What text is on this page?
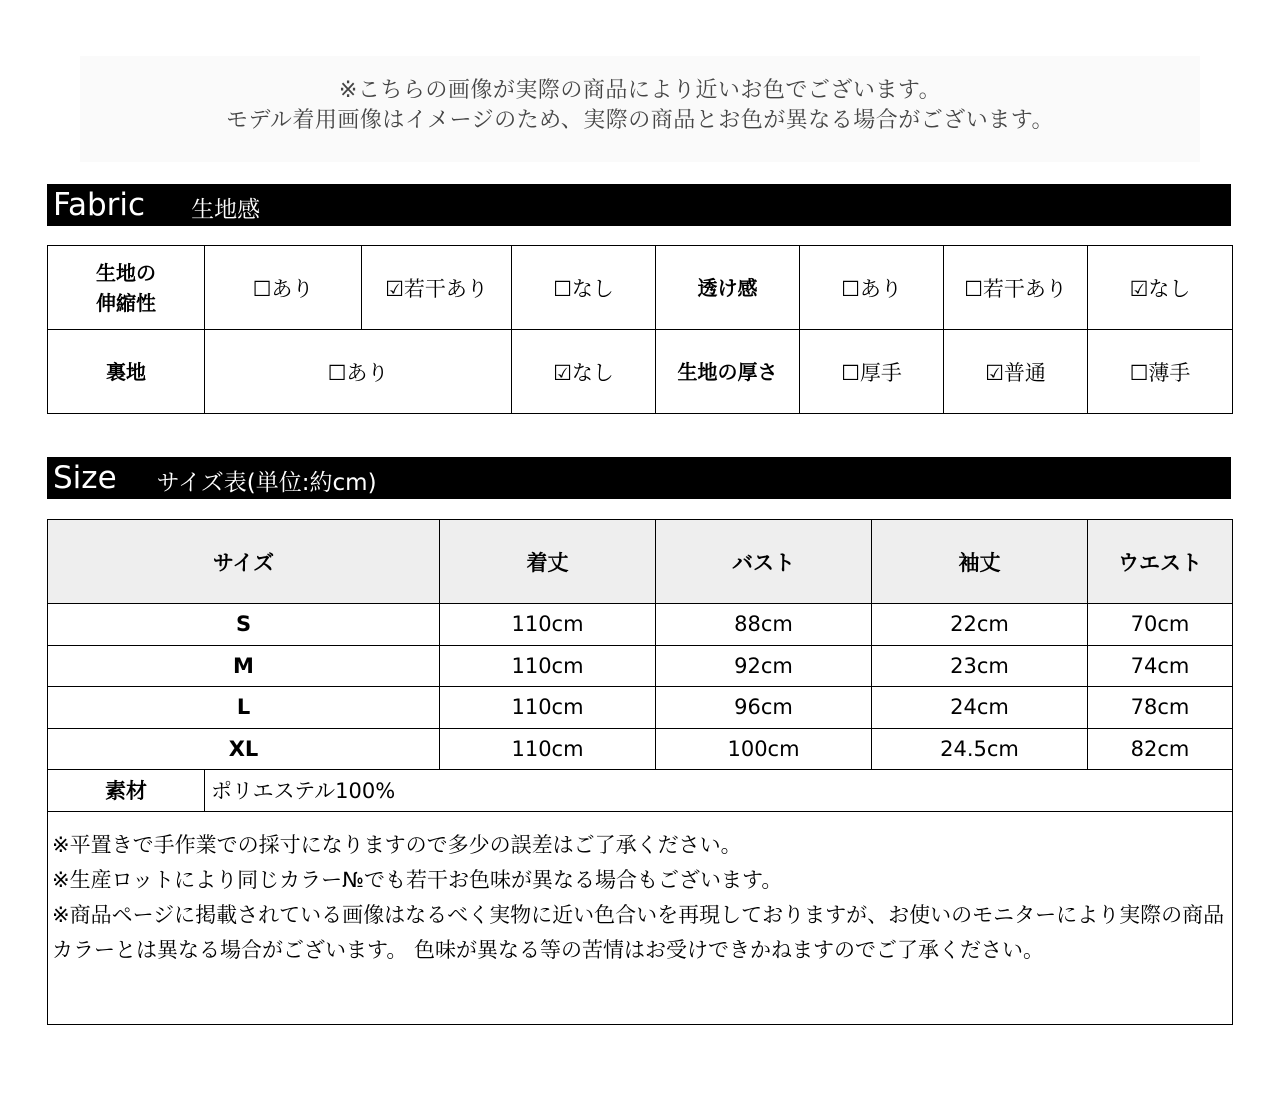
※こちらの画像が実際の商品により近いお色でございます。
モデル着用画像はイメージのため、実際の商品とお色が異なる場合がございます。
Fabric 生地感
生地の
伸縮性	☐あり	☑若干あり	☐なし	透け感	☐あり	☐若干あり	☑なし
裏地	☐あり		☑なし	生地の厚さ	☐厚手	☑普通	☐薄手
Size サイズ表(単位:約cm)
サイズ		着丈	バスト	袖丈	ウエスト
S		110cm	88cm	22cm	70cm
M		110cm	92cm	23cm	74cm
L		110cm	96cm	24cm	78cm
XL		110cm	100cm	24.5cm	82cm
素材	ポリエステル100%				

※平置きで手作業での採寸になりますので多少の誤差はご了承ください。
※生産ロットにより同じカラー№でも若干お色味が異なる場合もございます。
※商品ページに掲載されている画像はなるべく実物に近い色合いを再現しておりますが、お使いのモニターにより実際の商品カラーとは異なる場合がございます。 色味が異なる等の苦情はお受けできかねますのでご了承ください。					
